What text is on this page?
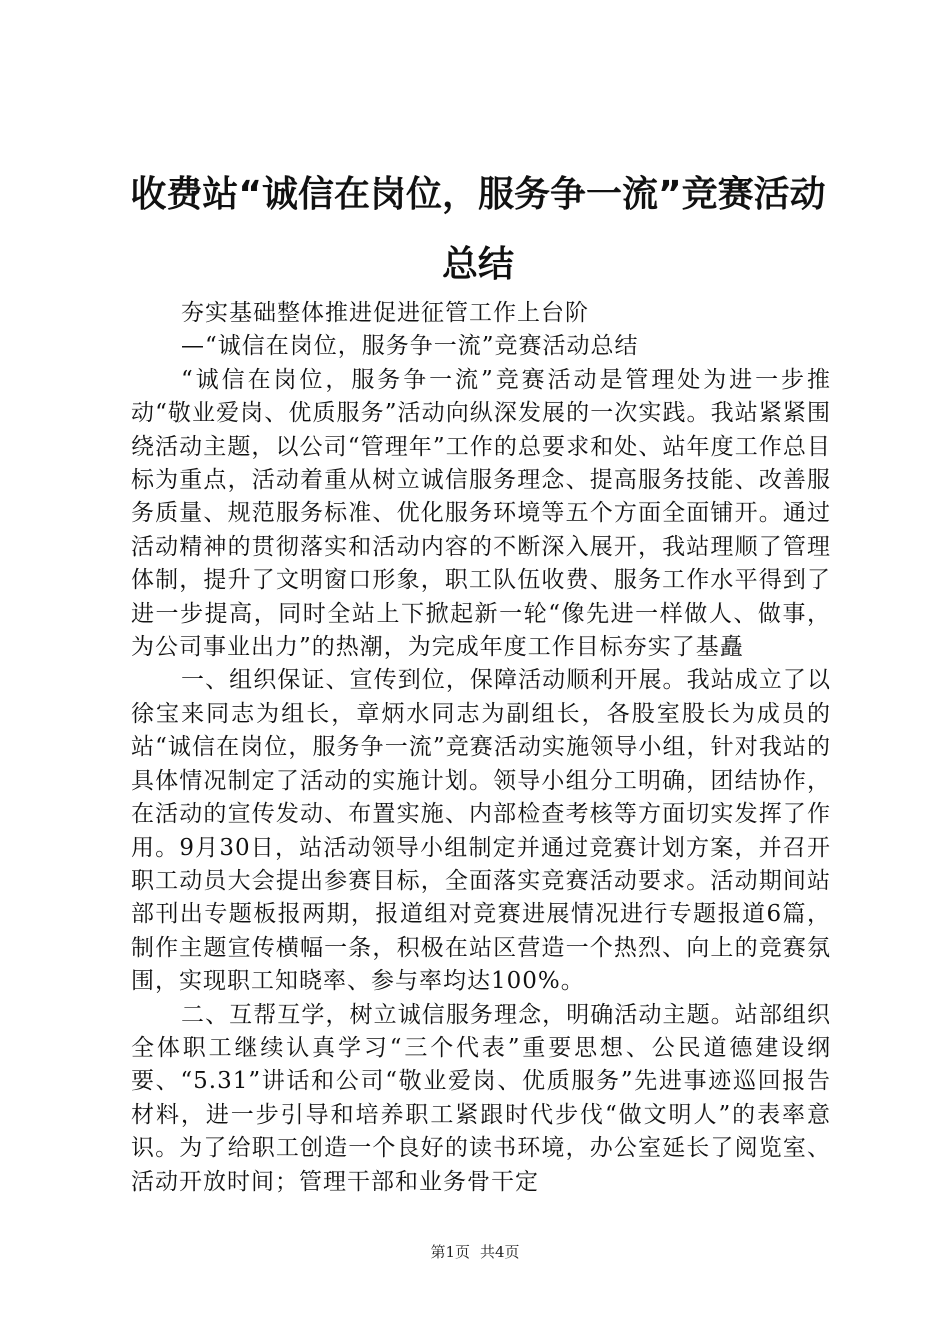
收费站“诚信在岗位，服务争一流”竞赛活动总结

夯实基础整体推进促进征管工作上台阶

—“诚信在岗位，服务争一流”竞赛活动总结

“诚信在岗位，服务争一流”竞赛活动是管理处为进一步推动“敬业爱岗、优质服务”活动向纵深发展的一次实践。我站紧紧围绕活动主题，以公司“管理年”工作的总要求和处、站年度工作总目标为重点，活动着重从树立诚信服务理念、提高服务技能、改善服务质量、规范服务标准、优化服务环境等五个方面全面铺开。通过活动精神的贯彻落实和活动内容的不断深入展开，我站理顺了管理体制，提升了文明窗口形象，职工队伍收费、服务工作水平得到了进一步提高，同时全站上下掀起新一轮“像先进一样做人、做事，为公司事业出力”的热潮，为完成年度工作目标夯实了基矗

一、组织保证、宣传到位，保障活动顺利开展。我站成立了以徐宝来同志为组长，章炳水同志为副组长，各股室股长为成员的站“诚信在岗位，服务争一流”竞赛活动实施领导小组，针对我站的具体情况制定了活动的实施计划。领导小组分工明确，团结协作，在活动的宣传发动、布置实施、内部检查考核等方面切实发挥了作用。9月30日，站活动领导小组制定并通过竞赛计划方案，并召开职工动员大会提出参赛目标，全面落实竞赛活动要求。活动期间站部刊出专题板报两期，报道组对竞赛进展情况进行专题报道6篇，制作主题宣传横幅一条，积极在站区营造一个热烈、向上的竞赛氛围，实现职工知晓率、参与率均达100%。

二、互帮互学，树立诚信服务理念，明确活动主题。站部组织全体职工继续认真学习“三个代表”重要思想、公民道德建设纲要、“5.31”讲话和公司“敬业爱岗、优质服务”先进事迹巡回报告材料，进一步引导和培养职工紧跟时代步伐“做文明人”的表率意识。为了给职工创造一个良好的读书环境，办公室延长了阅览室、活动开放时间；管理干部和业务骨干定

第1页 共4页
